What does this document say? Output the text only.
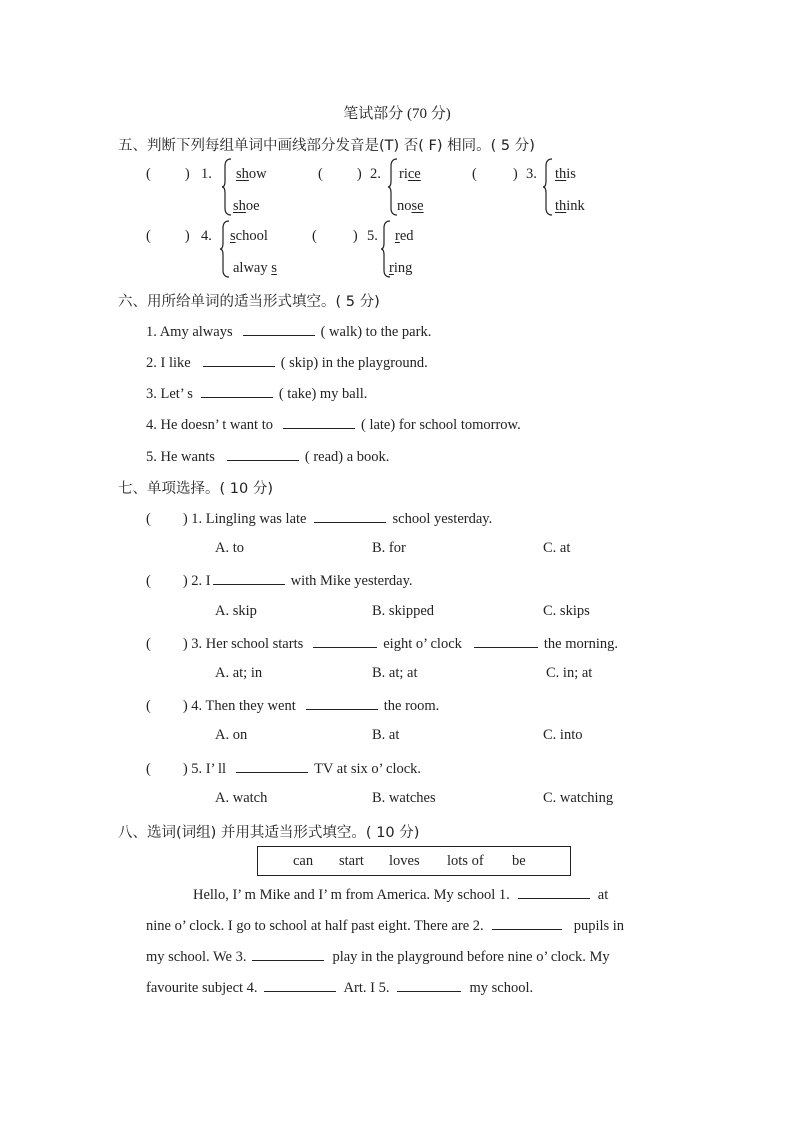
笔试部分 (70 分)
五、判断下列每组单词中画线部分发音是(T) 否( F) 相同。( 5 分)
( ) 1. show
shoe
( ) 2. rice
nose
( ) 3. this
think
( ) 4. school
alway s
( ) 5. red
ring
六、用所给单词的适当形式填空。( 5 分)
1. Amy always	( walk) to the park.
2. I like	( skip) in the playground.
3. Let’ s	( take) my ball.
4. He doesn’ t want to	( late) for school tomorrow.
5. He wants	( read) a book.
七、单项选择。( 10 分)
( ) 1. Lingling was late	school yesterday.
A. to	B. for	C. at
( ) 2. I	with Mike yesterday.
A. skip	B. skipped	C. skips
( ) 3. Her school starts	eight o’ clock	the morning.
A. at; in	B. at; at	C. in; at
( ) 4. Then they went	the room.
A. on	B. at	C. into
( ) 5. I’ ll	TV at six o’ clock.
A. watch	B. watches	C. watching
八、选词(词组) 并用其适当形式填空。( 10 分)
can start loves lots of be
Hello, I’ m Mike and I’ m from America. My school 1.	at
nine o’ clock. I go to school at half past eight. There are 2.	pupils in
my school. We 3.	play in the playground before nine o’ clock. My
favourite subject 4.	Art. I 5.	my school.
